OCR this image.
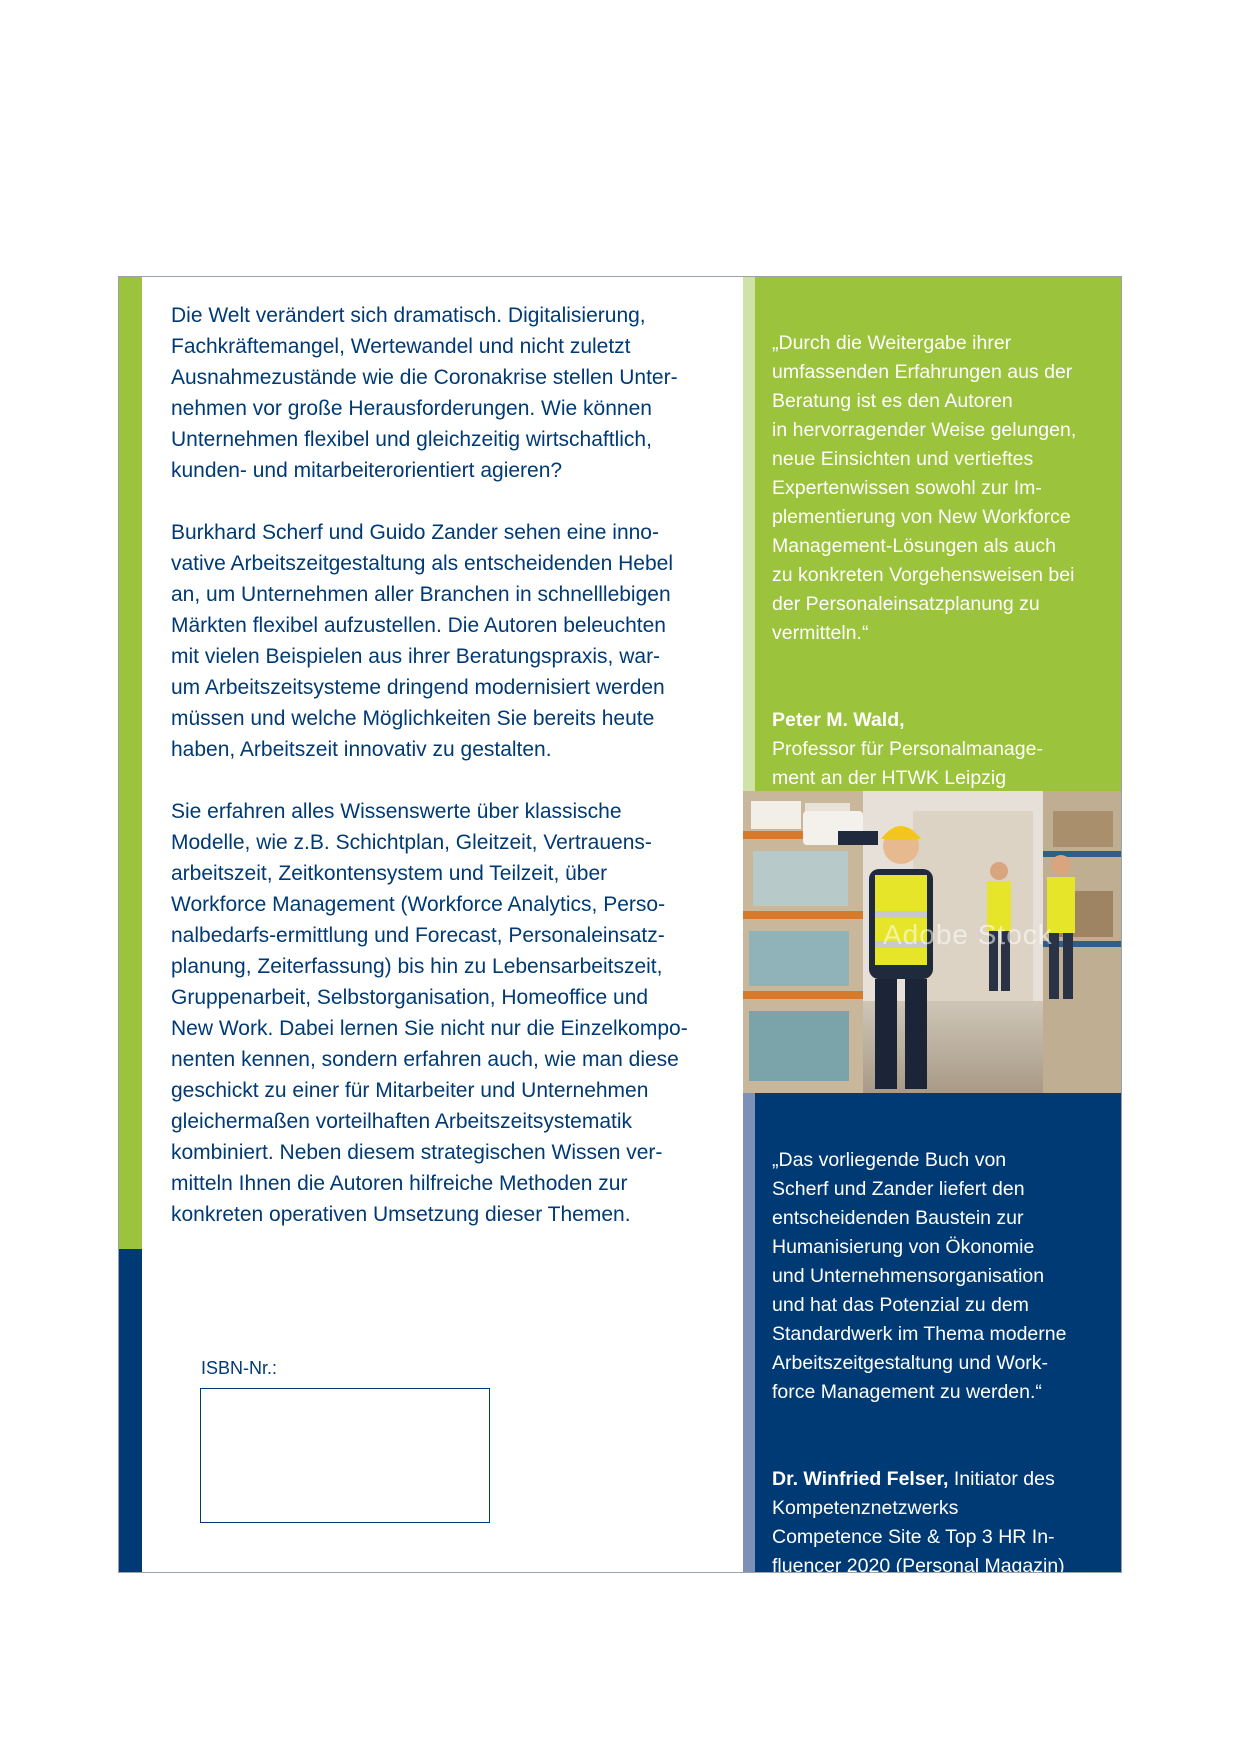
Die Welt verändert sich dramatisch. Digitalisierung,
Fachkräftemangel, Wertewandel und nicht zuletzt
Ausnahmezustände wie die Coronakrise stellen Unter-
nehmen vor große Herausforderungen. Wie können
Unternehmen flexibel und gleichzeitig wirtschaftlich,
kunden- und mitarbeiterorientiert agieren?

Burkhard Scherf und Guido Zander sehen eine inno-
vative Arbeitszeitgestaltung als entscheidenden Hebel
an, um Unternehmen aller Branchen in schnelllebigen
Märkten flexibel aufzustellen. Die Autoren beleuchten
mit vielen Beispielen aus ihrer Beratungspraxis, war-
um Arbeitszeitsysteme dringend modernisiert werden
müssen und welche Möglichkeiten Sie bereits heute
haben, Arbeitszeit innovativ zu gestalten.

Sie erfahren alles Wissenswerte über klassische
Modelle, wie z.B. Schichtplan, Gleitzeit, Vertrauens-
arbeitszeit, Zeitkontensystem und Teilzeit, über
Workforce Management (Workforce Analytics, Perso-
nalbedarfs-ermittlung und Forecast, Personaleinsatz-
planung, Zeiterfassung) bis hin zu Lebensarbeitszeit,
Gruppenarbeit, Selbstorganisation, Homeoffice und
New Work. Dabei lernen Sie nicht nur die Einzelkompo-
nenten kennen, sondern erfahren auch, wie man diese
geschickt zu einer für Mitarbeiter und Unternehmen
gleichermaßen vorteilhaften Arbeitszeitsystematik
kombiniert. Neben diesem strategischen Wissen ver-
mitteln Ihnen die Autoren hilfreiche Methoden zur
konkreten operativen Umsetzung dieser Themen.

ISBN-Nr.:

„Durch die Weitergabe ihrer
umfassenden Erfahrungen aus der
Beratung ist es den Autoren
in hervorragender Weise gelungen,
neue Einsichten und vertieftes
Expertenwissen sowohl zur Im-
plementierung von New Workforce
Management-Lösungen als auch
zu konkreten Vorgehensweisen bei
der Personaleinsatzplanung zu
vermitteln.“

Peter M. Wald,
Professor für Personalmanage-
ment an der HTWK Leipzig

Adobe Stock

„Das vorliegende Buch von
Scherf und Zander liefert den
entscheidenden Baustein zur
Humanisierung von Ökonomie
und Unternehmensorganisation
und hat das Potenzial zu dem
Standardwerk im Thema moderne
Arbeitszeitgestaltung und Work-
force Management zu werden.“

Dr. Winfried Felser, Initiator des
Kompetenznetzwerks
Competence Site & Top 3 HR In-
fluencer 2020 (Personal Magazin)
